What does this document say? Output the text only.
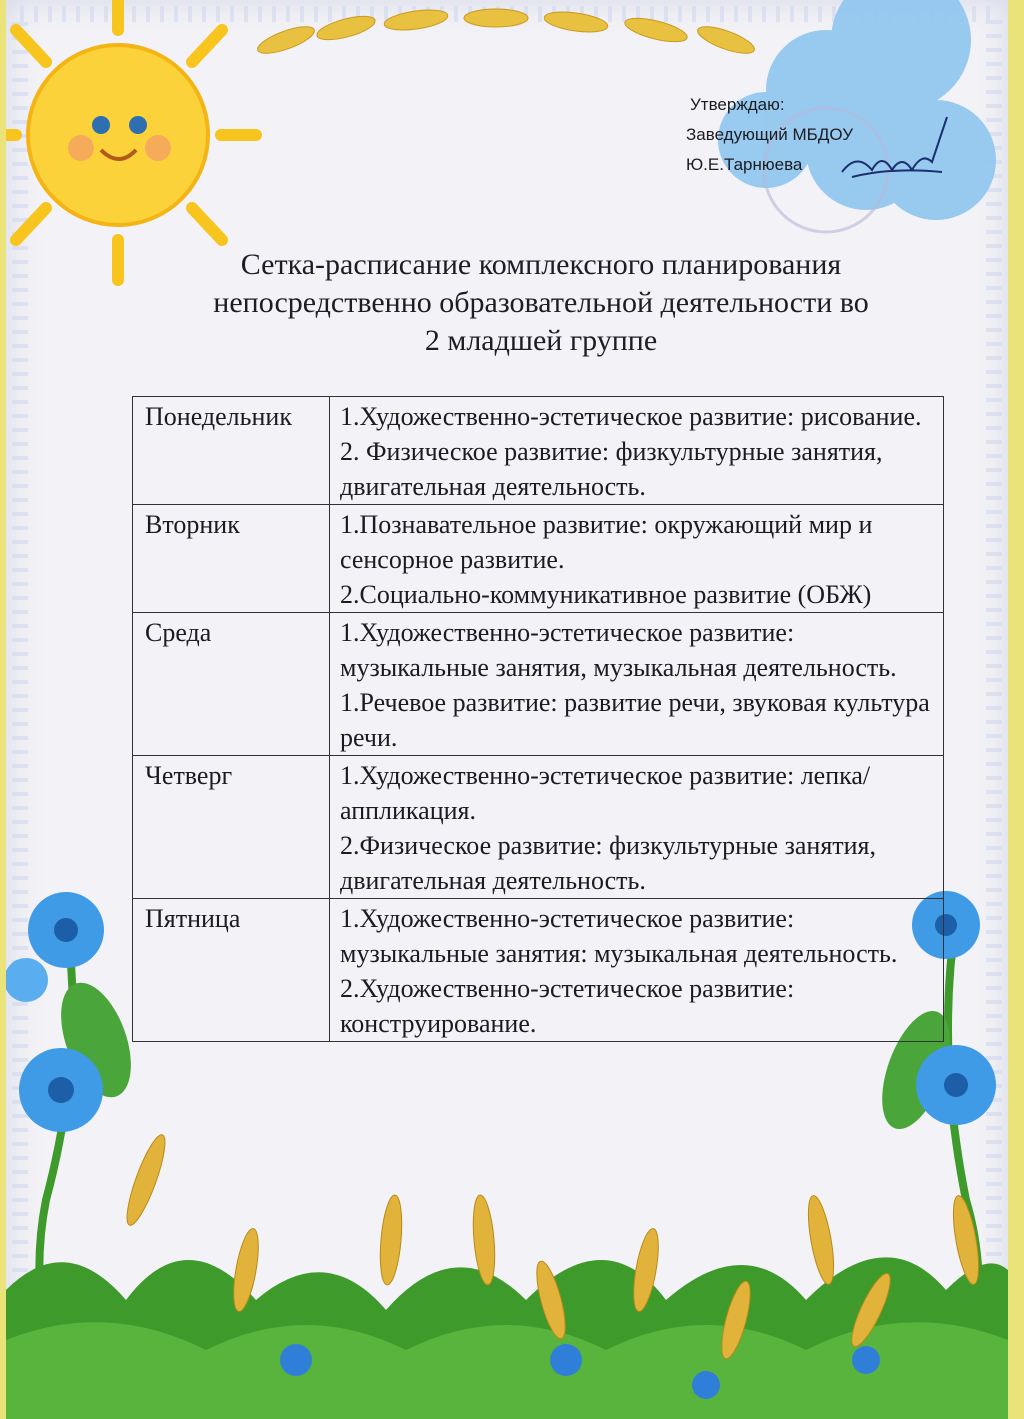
Утверждаю:
Заведующий МБДОУ
Ю.Е.Тарнюева
Сетка-расписание комплексного планирования
непосредственно образовательной деятельности во
2 младшей группе
Понедельник	1.Художественно-эстетическое развитие: рисование.
2. Физическое развитие: физкультурные занятия, двигательная деятельность.

Вторник	1.Познавательное развитие: окружающий мир и сенсорное развитие.
2.Социально-коммуникативное развитие (ОБЖ)

Среда	1.Художественно-эстетическое развитие: музыкальные занятия, музыкальная деятельность.
1.Речевое развитие: развитие речи, звуковая культура речи.

Четверг	1.Художественно-эстетическое развитие: лепка/аппликация.
2.Физическое развитие: физкультурные занятия, двигательная деятельность.

Пятница	1.Художественно-эстетическое развитие: музыкальные занятия: музыкальная деятельность.
2.Художественно-эстетическое развитие: конструирование.
